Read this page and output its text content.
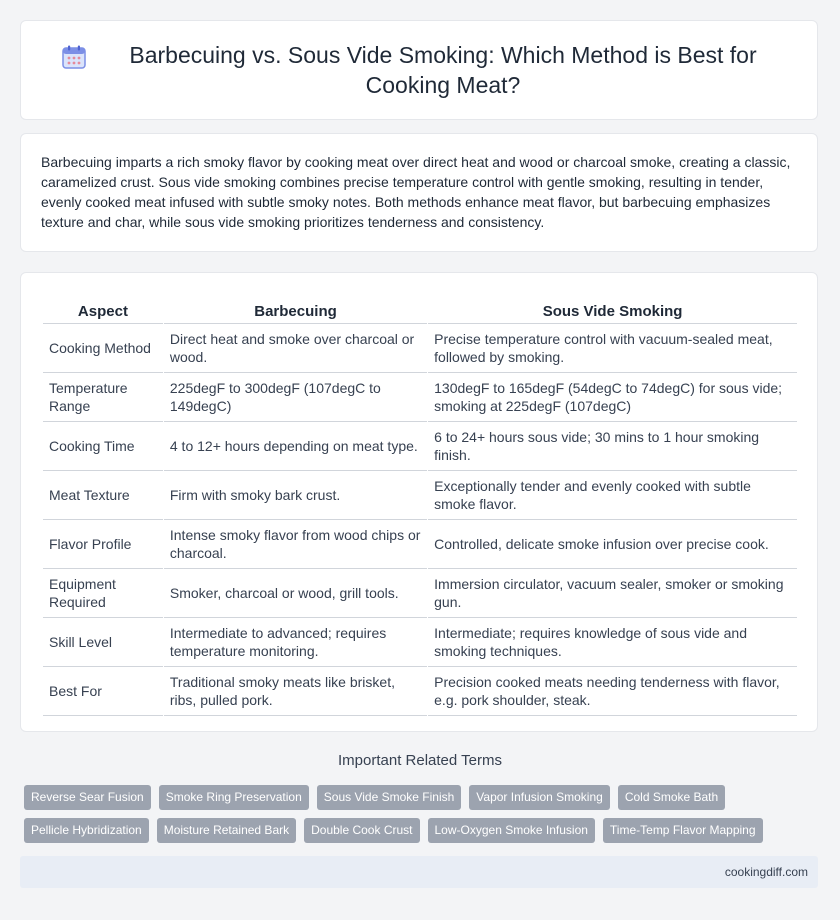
Barbecuing vs. Sous Vide Smoking: Which Method is Best for Cooking Meat?

Barbecuing imparts a rich smoky flavor by cooking meat over direct heat and wood or charcoal smoke, creating a classic, caramelized crust. Sous vide smoking combines precise temperature control with gentle smoking, resulting in tender, evenly cooked meat infused with subtle smoky notes. Both methods enhance meat flavor, but barbecuing emphasizes texture and char, while sous vide smoking prioritizes tenderness and consistency.

Aspect	Barbecuing	Sous Vide Smoking
Cooking Method	Direct heat and smoke over charcoal or wood.	Precise temperature control with vacuum-sealed meat, followed by smoking.
Temperature Range	225degF to 300degF (107degC to 149degC)	130degF to 165degF (54degC to 74degC) for sous vide; smoking at 225degF (107degC)
Cooking Time	4 to 12+ hours depending on meat type.	6 to 24+ hours sous vide; 30 mins to 1 hour smoking finish.
Meat Texture	Firm with smoky bark crust.	Exceptionally tender and evenly cooked with subtle smoke flavor.
Flavor Profile	Intense smoky flavor from wood chips or charcoal.	Controlled, delicate smoke infusion over precise cook.
Equipment Required	Smoker, charcoal or wood, grill tools.	Immersion circulator, vacuum sealer, smoker or smoking gun.
Skill Level	Intermediate to advanced; requires temperature monitoring.	Intermediate; requires knowledge of sous vide and smoking techniques.
Best For	Traditional smoky meats like brisket, ribs, pulled pork.	Precision cooked meats needing tenderness with flavor, e.g. pork shoulder, steak.
Important Related Terms
Reverse Sear Fusion	Smoke Ring Preservation	Sous Vide Smoke Finish	Vapor Infusion Smoking	Cold Smoke Bath
Pellicle Hybridization	Moisture Retained Bark	Double Cook Crust	Low-Oxygen Smoke Infusion	Time-Temp Flavor Mapping
cookingdiff.com
